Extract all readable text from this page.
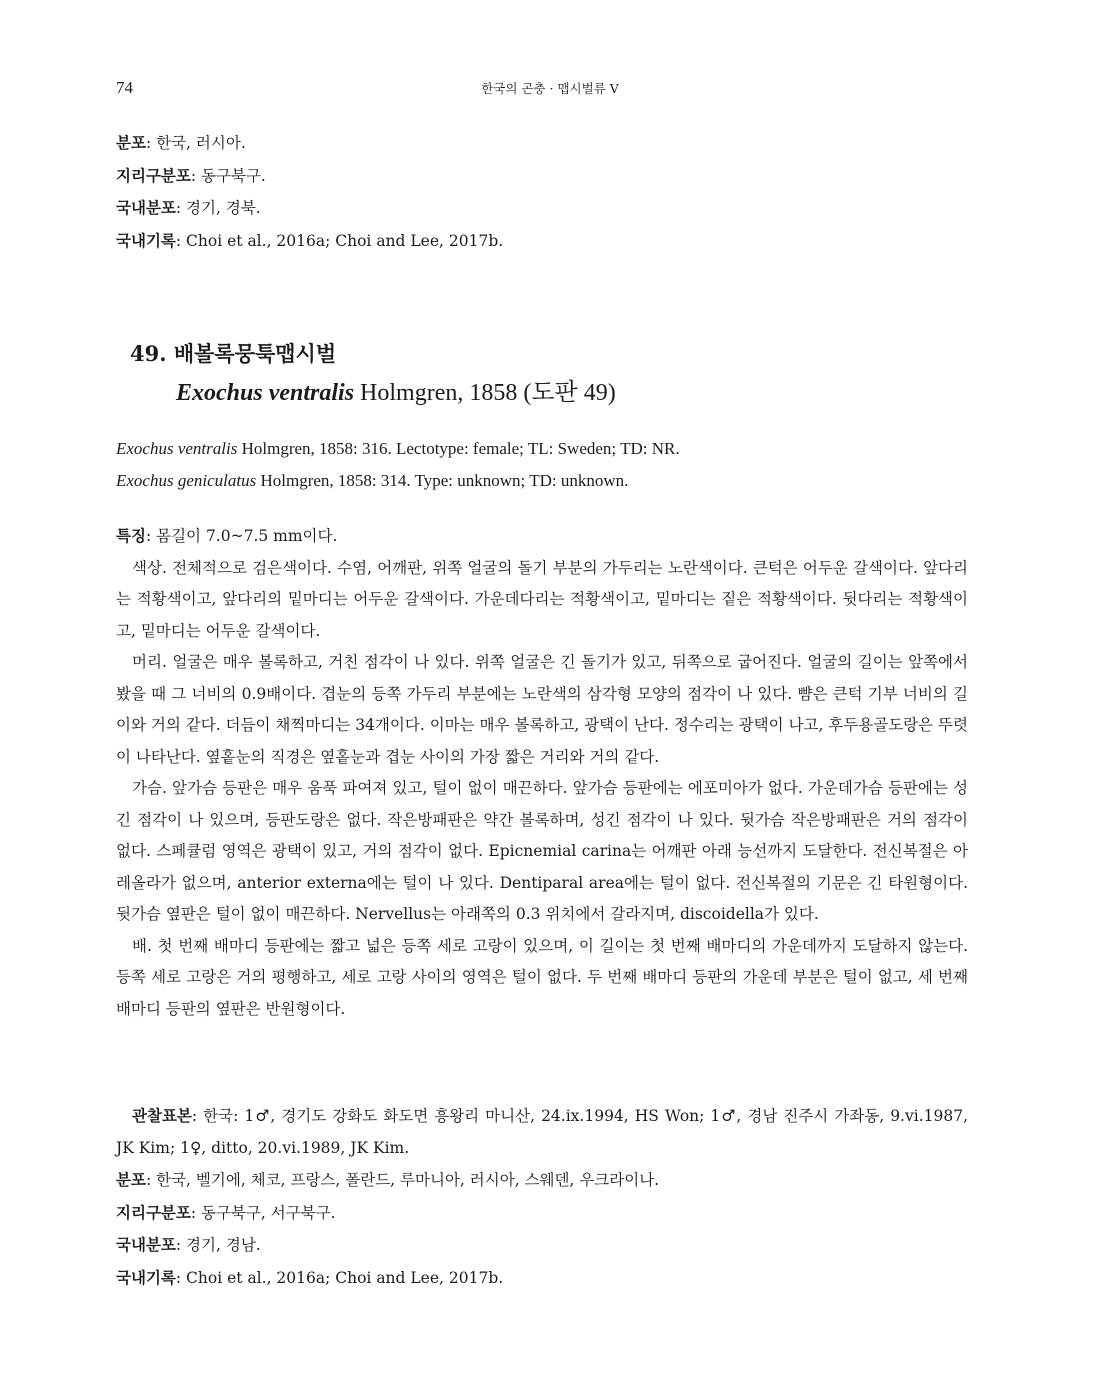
74	한국의 곤충 · 맵시벌류 V
분포: 한국, 러시아.
지리구분포: 동구북구.
국내분포: 경기, 경북.
국내기록: Choi et al., 2016a; Choi and Lee, 2017b.
49. 배볼록뭉툭맵시벌
Exochus ventralis Holmgren, 1858 (도판 49)
Exochus ventralis Holmgren, 1858: 316. Lectotype: female; TL: Sweden; TD: NR.
Exochus geniculatus Holmgren, 1858: 314. Type: unknown; TD: unknown.
특징: 몸길이 7.0~7.5 mm이다.
색상. 전체적으로 검은색이다. 수염, 어깨판, 위쪽 얼굴의 돌기 부분의 가두리는 노란색이다. 큰턱은 어두운 갈색이다. 앞다리는 적황색이고, 앞다리의 밑마디는 어두운 갈색이다. 가운데다리는 적황색이고, 밑마디는 짙은 적황색이다. 뒷다리는 적황색이고, 밑마디는 어두운 갈색이다.
머리. 얼굴은 매우 볼록하고, 거친 점각이 나 있다. 위쪽 얼굴은 긴 돌기가 있고, 뒤쪽으로 굽어진다. 얼굴의 길이는 앞쪽에서 봤을 때 그 너비의 0.9배이다. 겹눈의 등쪽 가두리 부분에는 노란색의 삼각형 모양의 점각이 나 있다. 뺨은 큰턱 기부 너비의 길이와 거의 같다. 더듬이 채찍마디는 34개이다. 이마는 매우 볼록하고, 광택이 난다. 정수리는 광택이 나고, 후두용골도랑은 뚜렷이 나타난다. 옆홑눈의 직경은 옆홑눈과 겹눈 사이의 가장 짧은 거리와 거의 같다.
가슴. 앞가슴 등판은 매우 움푹 파여져 있고, 털이 없이 매끈하다. 앞가슴 등판에는 에포미아가 없다. 가운데가슴 등판에는 성긴 점각이 나 있으며, 등판도랑은 없다. 작은방패판은 약간 볼록하며, 성긴 점각이 나 있다. 뒷가슴 작은방패판은 거의 점각이 없다. 스페큘럼 영역은 광택이 있고, 거의 점각이 없다. Epicnemial carina는 어깨판 아래 능선까지 도달한다. 전신복절은 아레올라가 없으며, anterior externa에는 털이 나 있다. Dentiparal area에는 털이 없다. 전신복절의 기문은 긴 타원형이다. 뒷가슴 옆판은 털이 없이 매끈하다. Nervellus는 아래쪽의 0.3 위치에서 갈라지며, discoidella가 있다.
배. 첫 번째 배마디 등판에는 짧고 넓은 등쪽 세로 고랑이 있으며, 이 길이는 첫 번째 배마디의 가운데까지 도달하지 않는다. 등쪽 세로 고랑은 거의 평행하고, 세로 고랑 사이의 영역은 털이 없다. 두 번째 배마디 등판의 가운데 부분은 털이 없고, 세 번째 배마디 등판의 옆판은 반원형이다.
관찰표본: 한국: 1♂, 경기도 강화도 화도면 흥왕리 마니산, 24.ix.1994, HS Won; 1♂, 경남 진주시 가좌동, 9.vi.1987, JK Kim; 1♀, ditto, 20.vi.1989, JK Kim.
분포: 한국, 벨기에, 체코, 프랑스, 폴란드, 루마니아, 러시아, 스웨덴, 우크라이나.
지리구분포: 동구북구, 서구북구.
국내분포: 경기, 경남.
국내기록: Choi et al., 2016a; Choi and Lee, 2017b.
